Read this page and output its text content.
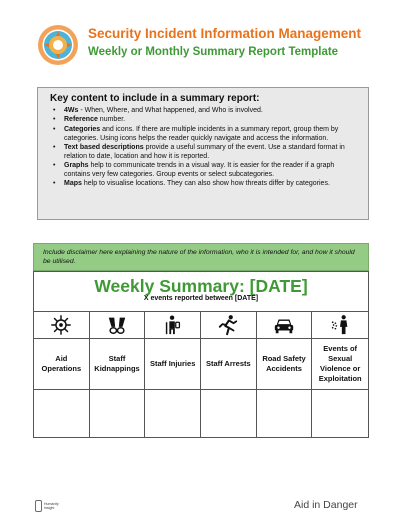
Security Incident Information Management
Weekly or Monthly Summary Report Template
Key content to include in a summary report:
• 4Ws - When, Where, and What happened, and Who is involved.
• Reference number.
• Categories and icons. If there are multiple incidents in a summary report, group them by categories. Using icons helps the reader quickly navigate and access the information.
• Text based descriptions provide a useful summary of the event. Use a standard format in relation to date, location and how it is reported.
• Graphs help to communicate trends in a visual way. It is easier for the reader if a graph contains very few categories. Group events or select subcategories.
• Maps help to visualise locations. They can also show how threats differ by categories.
Include disclaimer here explaining the nature of the information, who it is intended for, and how it should be utilised.
Weekly Summary: [DATE]
X events reported between [DATE]
Aid Operations
Staff Kidnappings
Staff Injuries Staff Arrests
Road Safety Accidents
Events of Sexual Violence or Exploitation
Humanity Insight	Aid in Danger
